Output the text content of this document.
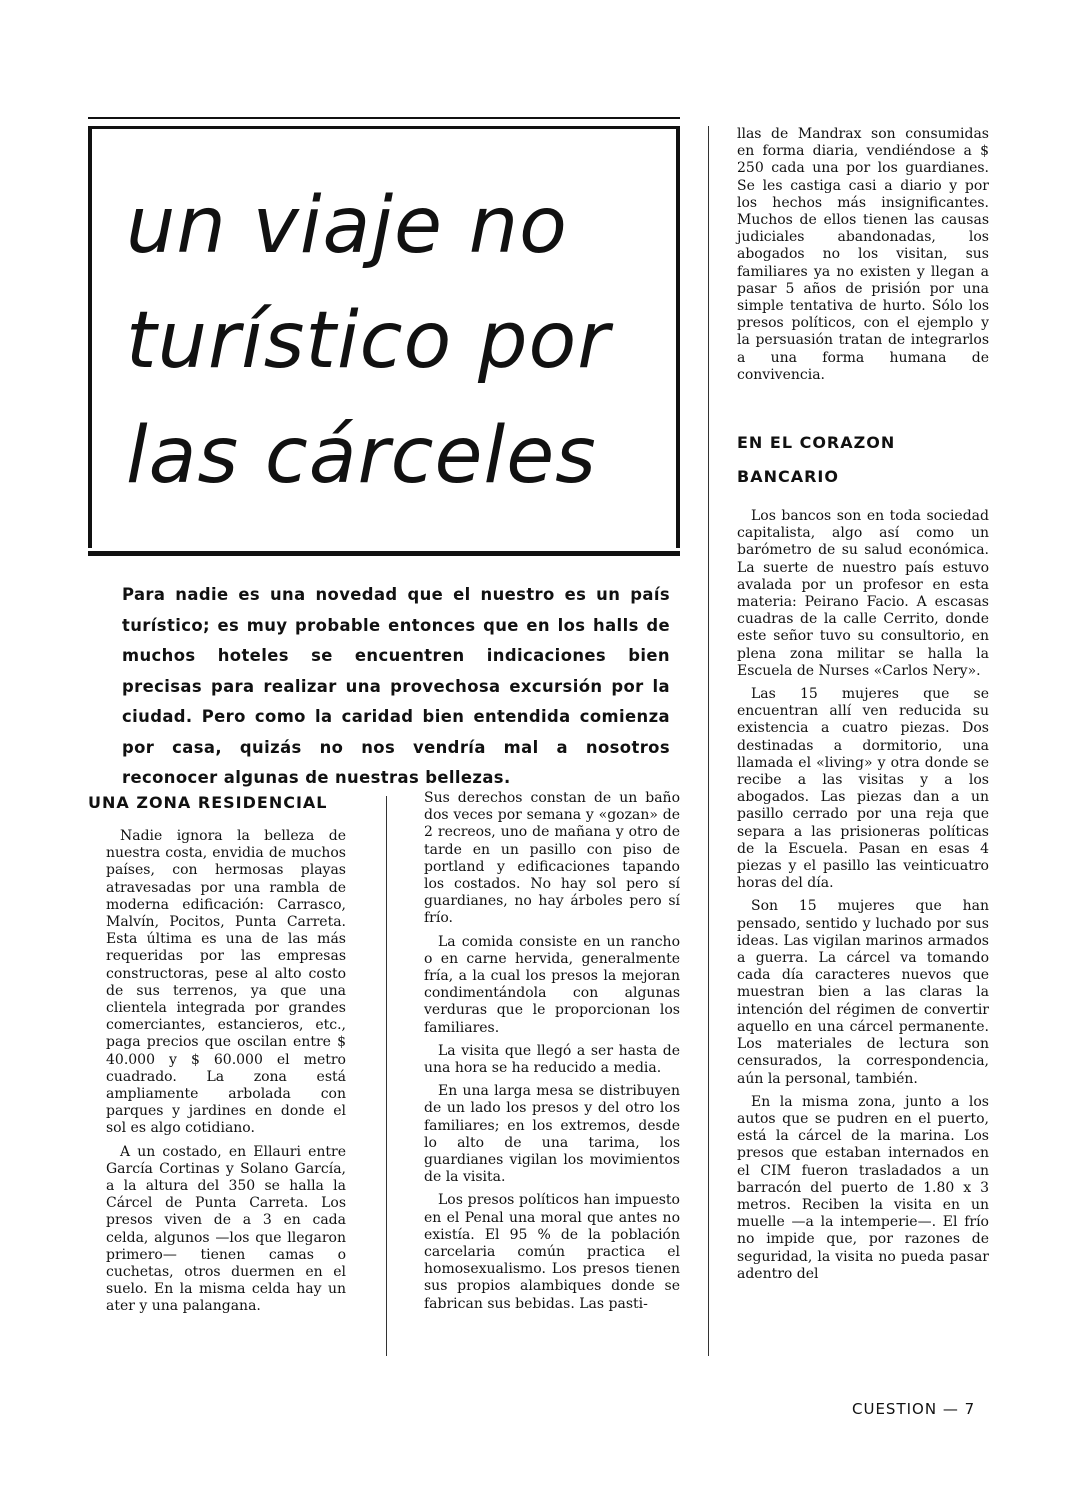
un viaje no
turístico por
las cárceles
Para nadie es una novedad que el nuestro es un país turístico; es muy probable entonces que en los halls de muchos hoteles se encuentren indicaciones bien precisas para realizar una provechosa excursión por la ciudad. Pero como la caridad bien entendida comienza por casa, quizás no nos vendría mal a nosotros reconocer algunas de nuestras bellezas.
UNA ZONA RESIDENCIAL

Nadie ignora la belleza de nuestra costa, envidia de muchos países, con hermosas playas atravesadas por una rambla de moderna edificación: Carrasco, Malvín, Pocitos, Punta Carreta. Esta última es una de las más requeridas por las empresas constructoras, pese al alto costo de sus terrenos, ya que una clientela integrada por grandes comerciantes, estancieros, etc., paga precios que oscilan entre $ 40.000 y $ 60.000 el metro cuadrado. La zona está ampliamente arbolada con parques y jardines en donde el sol es algo cotidiano.

A un costado, en Ellauri entre García Cortinas y Solano García, a la altura del 350 se halla la Cárcel de Punta Carreta. Los presos viven de a 3 en cada celda, algunos —los que llegaron primero— tienen camas o cuchetas, otros duermen en el suelo. En la misma celda hay un ater y una palangana.

Sus derechos constan de un baño dos veces por semana y «gozan» de 2 recreos, uno de mañana y otro de tarde en un pasillo con piso de portland y edificaciones tapando los costados. No hay sol pero sí guardianes, no hay árboles pero sí frío.

La comida consiste en un rancho o en carne hervida, generalmente fría, a la cual los presos la mejoran condimentándola con algunas verduras que le proporcionan los familiares.

La visita que llegó a ser hasta de una hora se ha reducido a media.

En una larga mesa se distribuyen de un lado los presos y del otro los familiares; en los extremos, desde lo alto de una tarima, los guardianes vigilan los movimientos de la visita.

Los presos políticos han impuesto en el Penal una moral que antes no existía. El 95 % de la población carcelaria común practica el homosexualismo. Los presos tienen sus propios alambiques donde se fabrican sus bebidas. Las pasti-

llas de Mandrax son consumidas en forma diaria, vendiéndose a $ 250 cada una por los guardianes. Se les castiga casi a diario y por los hechos más insignificantes. Muchos de ellos tienen las causas judiciales abandonadas, los abogados no los visitan, sus familiares ya no existen y llegan a pasar 5 años de prisión por una simple tentativa de hurto. Sólo los presos políticos, con el ejemplo y la persuasión tratan de integrarlos a una forma humana de convivencia.

EN EL CORAZON
BANCARIO

Los bancos son en toda sociedad capitalista, algo así como un barómetro de su salud económica. La suerte de nuestro país estuvo avalada por un profesor en esta materia: Peirano Facio. A escasas cuadras de la calle Cerrito, donde este señor tuvo su consultorio, en plena zona militar se halla la Escuela de Nurses «Carlos Nery».

Las 15 mujeres que se encuentran allí ven reducida su existencia a cuatro piezas. Dos destinadas a dormitorio, una llamada el «living» y otra donde se recibe a las visitas y a los abogados. Las piezas dan a un pasillo cerrado por una reja que separa a las prisioneras políticas de la Escuela. Pasan en esas 4 piezas y el pasillo las veinticuatro horas del día.

Son 15 mujeres que han pensado, sentido y luchado por sus ideas. Las vigilan marinos armados a guerra. La cárcel va tomando cada día caracteres nuevos que muestran bien a las claras la intención del régimen de convertir aquello en una cárcel permanente. Los materiales de lectura son censurados, la correspondencia, aún la personal, también.

En la misma zona, junto a los autos que se pudren en el puerto, está la cárcel de la marina. Los presos que estaban internados en el CIM fueron trasladados a un barracón del puerto de 1.80 x 3 metros. Reciben la visita en un muelle —a la intemperie—. El frío no impide que, por razones de seguridad, la visita no pueda pasar adentro del

CUESTION — 7
